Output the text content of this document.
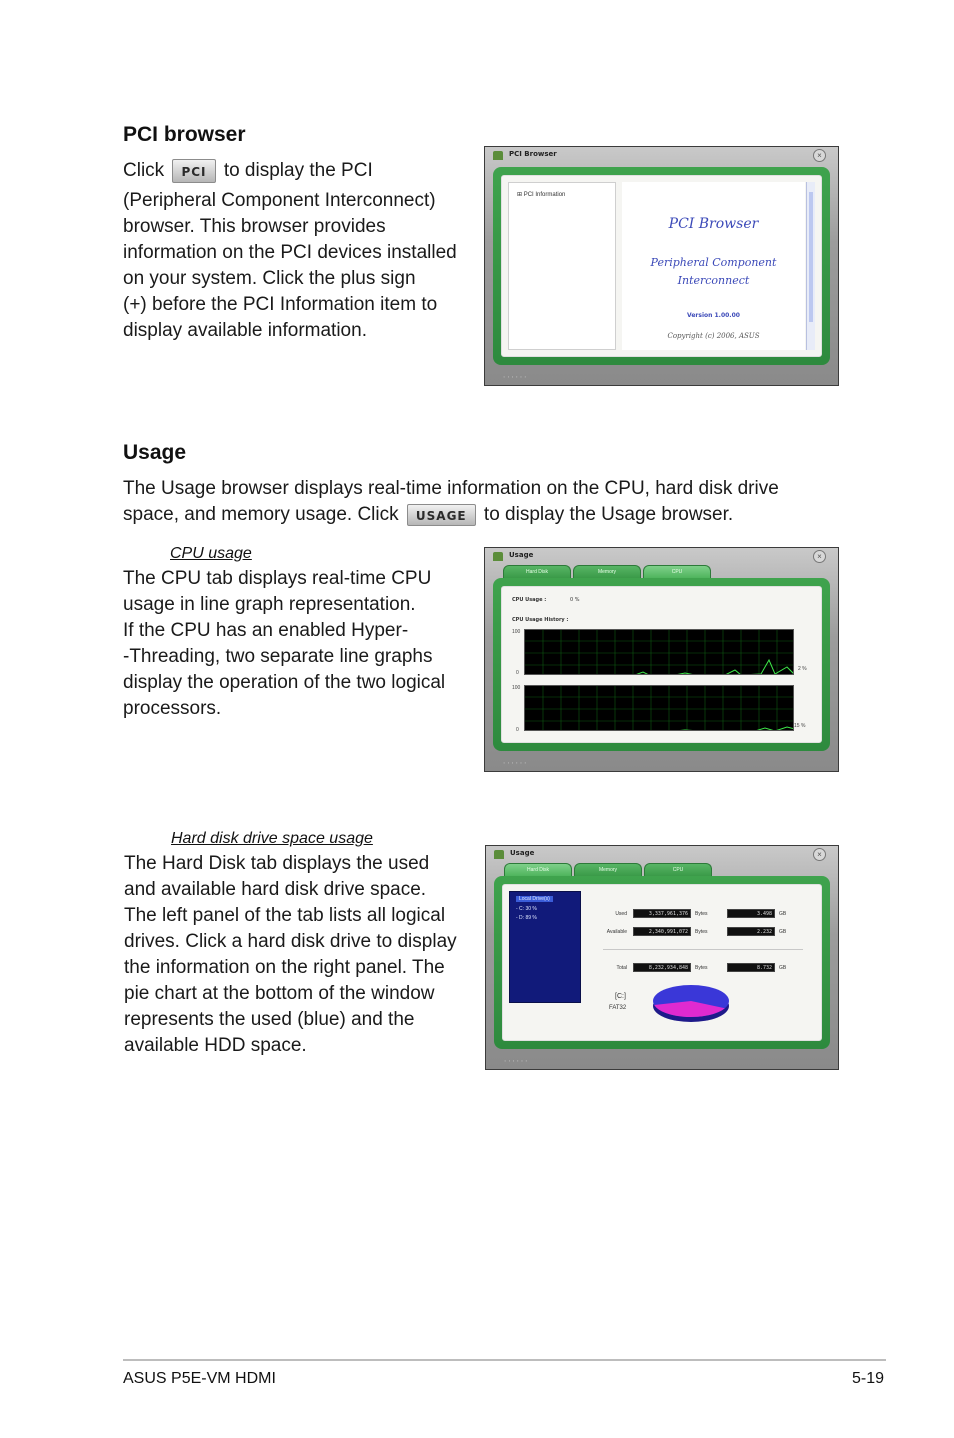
PCI browser

Click PCI to display the PCI

(Peripheral Component Interconnect)
browser. This browser provides
information on the PCI devices installed
on your system. Click the plus sign
(+) before the PCI Information item to
display available information.

PCI Browser	×
⊞ PCI Information
PCI Browser
Peripheral Component
Interconnect
Version 1.00.00
Copyright (c) 2006, ASUS
∙∙∙∙∙∙
Usage

The Usage browser displays real-time information on the CPU, hard disk drive
space, and memory usage. Click USAGE to display the Usage browser.

CPU usage

The CPU tab displays real-time CPU
usage in line graph representation.
If the CPU has an enabled Hyper-
-Threading, two separate line graphs
display the operation of the two logical
processors.

Usage	×
Hard Disk	Memory	CPU
CPU Usage :	0 %
CPU Usage History :
100
0
2 %
100
0
15 %
∙∙∙∙∙∙
Hard disk drive space usage

The Hard Disk tab displays the used
and available hard disk drive space.
The left panel of the tab lists all logical
drives. Click a hard disk drive to display
the information on the right panel. The
pie chart at the bottom of the window
represents the used (blue) and the
available HDD space.

Usage	×
Hard Disk	Memory	CPU
Local Drive(s)
- C: 30 %
- D: 89 %
Used	3,337,961,376	Bytes	3.498	GB
Available	2,340,991,072	Bytes	2.232	GB
Total	8,232,934,848	Bytes	8.732	GB
[C:]
FAT32
∙∙∙∙∙∙
ASUS P5E-VM HDMI	5-19
